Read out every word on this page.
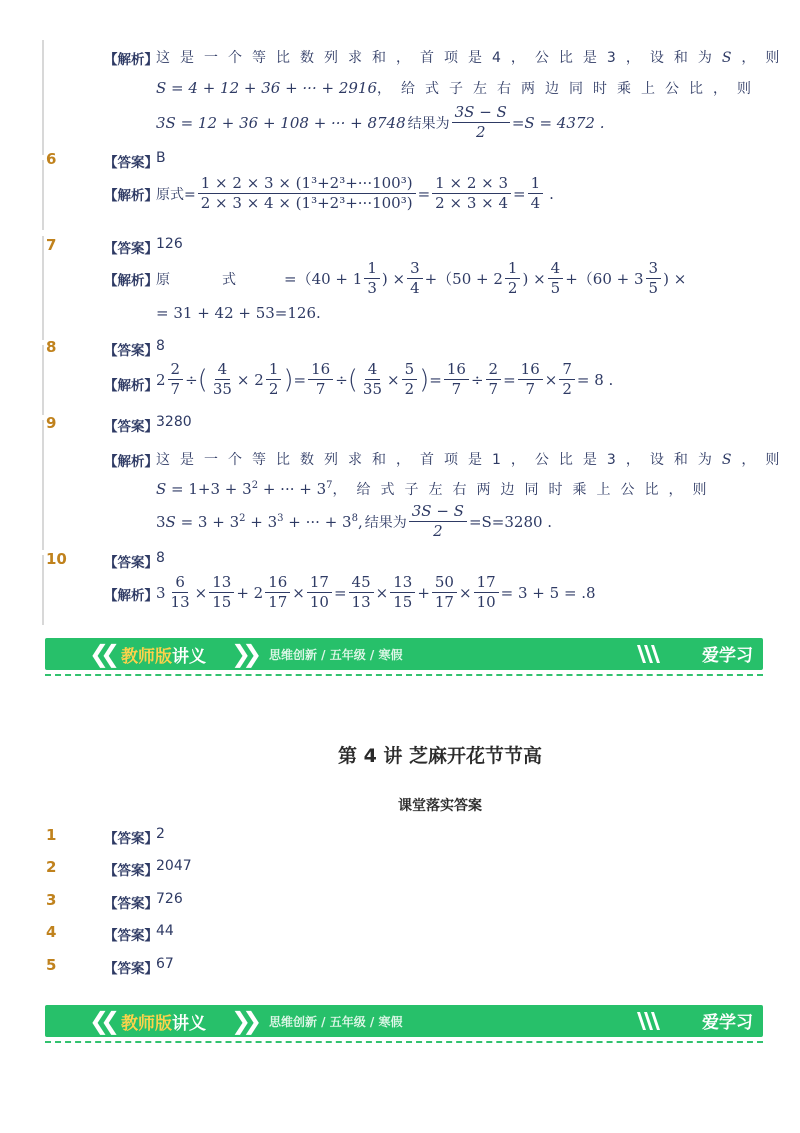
【解析】
这是一个等比数列求和，首项是4，公比是3，设和为S，则
S = 4 + 12 + 36 + ··· + 2916 ，给式子左右两边同时乘上公比，则
3S = 12 + 36 + 108 + ··· + 8748 结果为 $\frac{3S - S}{2} =S = 4372$ .
6	【答案】
B
【解析】
原式= $\frac{\text{1 × 2 × 3 × (1³+2³+···100³)}}{\text{2 × 3 × 4 × (1³+2³+···100³)}} = \frac{1 \times 2 \times 3}{2 \times 3 \times 4} = \frac{1}{4}$ .
7	【答案】
126
【解析】
原	式	$=(40 + 1 \frac{1}{3}$ ) × $\frac{3}{4} +(50 + 2 \frac{1}{2}$ ) × $\frac{4}{5} +(60 + 3 \frac{3}{5}$ ) ×
= 31 + 42 + 53=126.
8	【答案】
8
【解析】
$2 \frac{2}{7}$ ÷ ( $\frac{4}{35} \times 2 \frac{1}{2}$ ) = $\frac{16}{7}$ ÷ ( $\frac{4}{35} \times \frac{5}{2}$ ) = $\frac{16}{7} \div \frac{2}{7} = \frac{16}{7} \times \frac{7}{2} = 8$ .
9	【答案】
3280
【解析】
这是一个等比数列求和，首项是1，公比是3，设和为S，则
$S = 1+3 + 3^2$ + ··· + $3^7$ ，给式子左右两边同时乘上公比，则
$3S = 3 + 3^2 + 3^3$ + ··· + $3^8$, 结果为 $\frac{3S - S}{2} =S=3280$ .
10	【答案】
8
【解析】
$3 \frac{6}{13} \times \frac{13}{15} + 2 \frac{16}{17} \times \frac{17}{10} = \frac{45}{13} \times \frac{13}{15} + \frac{50}{17} \times \frac{17}{10} = 3 + 5 = .8$
❮❮ 教师版讲义 ❯❯ 思维创新 / 五年级 / 寒假	爱学习
第 4 讲 芝麻开花节节高
课堂落实答案
1	【答案】
2
2	【答案】
2047
3	【答案】
726
4	【答案】
44
5	【答案】
67
❮❮ 教师版讲义 ❯❯ 思维创新 / 五年级 / 寒假	爱学习
